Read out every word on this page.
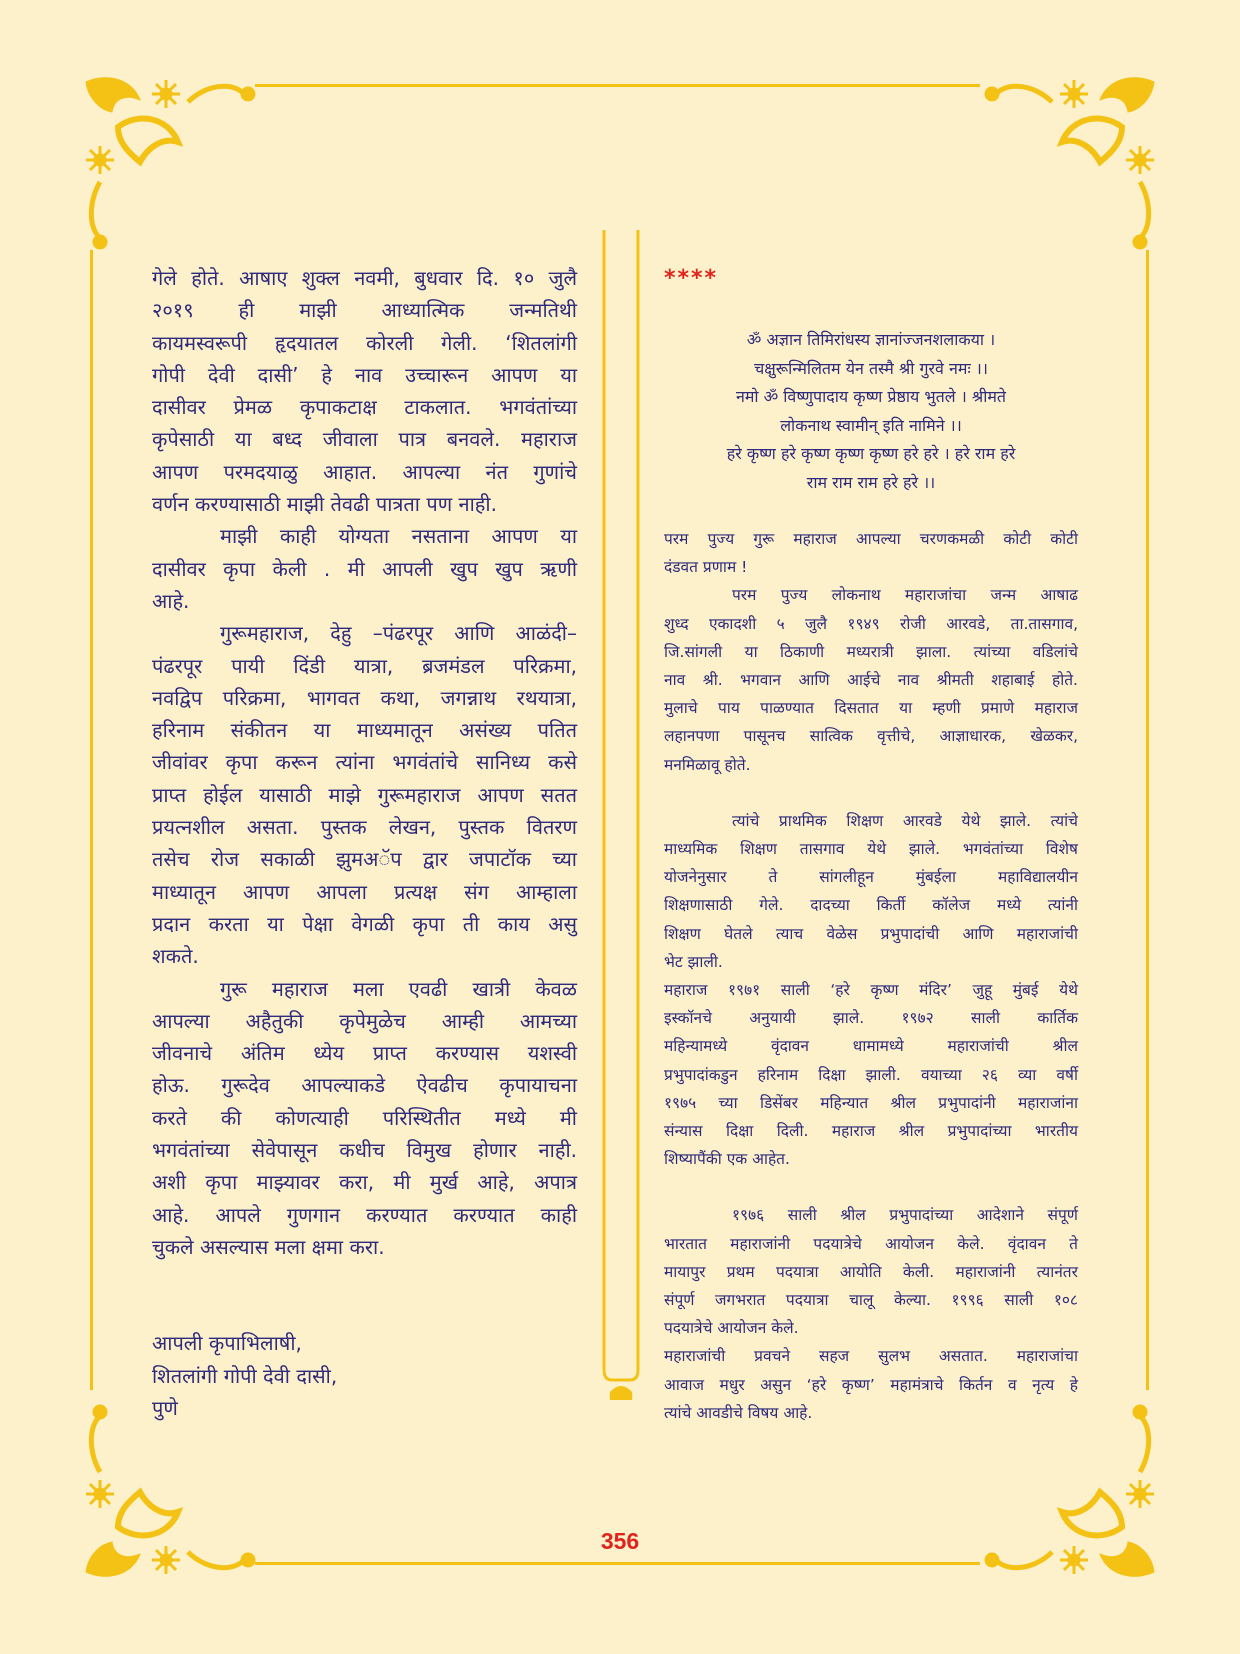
गेले होते. आषाए शुक्ल नवमी, बुधवार दि. १० जुलै
२०१९ ही माझी आध्यात्मिक जन्मतिथी
कायमस्वरूपी हृदयातल कोरली गेली. ‘शितलांगी
गोपी देवी दासी’ हे नाव उच्चारून आपण या
दासीवर प्रेमळ कृपाकटाक्ष टाकलात. भगवंतांच्या
कृपेसाठी या बध्द जीवाला पात्र बनवले. महाराज
आपण परमदयाळु आहात. आपल्या नंत गुणांचे
वर्णन करण्यासाठी माझी तेवढी पात्रता पण नाही.
माझी काही योग्यता नसताना आपण या
दासीवर कृपा केली . मी आपली खुप खुप ऋणी
आहे.
गुरूमहाराज, देहु –पंढरपूर आणि आळंदी–
पंढरपूर पायी दिंडी यात्रा, ब्रजमंडल परिक्रमा,
नवद्विप परिक्रमा, भागवत कथा, जगन्नाथ रथयात्रा,
हरिनाम संकीतन या माध्यमातून असंख्य पतित
जीवांवर कृपा करून त्यांना भगवंतांचे सानिध्य कसे
प्राप्त होईल यासाठी माझे गुरूमहाराज आपण सतत
प्रयत्नशील असता. पुस्तक लेखन, पुस्तक वितरण
तसेच रोज सकाळी झुमअॅप द्वार जपाटॉक च्या
माध्यातून आपण आपला प्रत्यक्ष संग आम्हाला
प्रदान करता या पेक्षा वेगळी कृपा ती काय असु
शकते.
गुरू महाराज मला एवढी खात्री केवळ
आपल्या अहैतुकी कृपेमुळेच आम्ही आमच्या
जीवनाचे अंतिम ध्येय प्राप्त करण्यास यशस्वी
होऊ. गुरूदेव आपल्याकडे ऐवढीच कृपायाचना
करते की कोणत्याही परिस्थितीत मध्ये मी
भगवंतांच्या सेवेपासून कधीच विमुख होणार नाही.
अशी कृपा माझ्यावर करा, मी मुर्ख आहे, अपात्र
आहे. आपले गुणगान करण्यात करण्यात काही
चुकले असल्यास मला क्षमा करा.
आपली कृपाभिलाषी,
शितलांगी गोपी देवी दासी,
पुणे
****
ॐ अज्ञान तिमिरांधस्य ज्ञानांज्जनशलाकया ।
चक्षुरून्मिलितम येन तस्मै श्री गुरवे नमः ।।
नमो ॐ विष्णुपादाय कृष्ण प्रेष्ठाय भुतले । श्रीमते
लोकनाथ स्वामीन् इति नामिने ।।
हरे कृष्ण हरे कृष्ण कृष्ण कृष्ण हरे हरे । हरे राम हरे
राम राम राम हरे हरे ।।
परम पुज्य गुरू महाराज आपल्या चरणकमळी कोटी कोटी
दंडवत प्रणाम !
परम पुज्य लोकनाथ महाराजांचा जन्म आषाढ
शुध्द एकादशी ५ जुलै १९४९ रोजी आरवडे, ता.तासगाव,
जि.सांगली या ठिकाणी मध्यरात्री झाला. त्यांच्या वडिलांचे
नाव श्री. भगवान आणि आईचे नाव श्रीमती शहाबाई होते.
मुलाचे पाय पाळण्यात दिसतात या म्हणी प्रमाणे महाराज
लहानपणा पासूनच सात्विक वृत्तीचे, आज्ञाधारक, खेळकर,
मनमिळावू होते.
त्यांचे प्राथमिक शिक्षण आरवडे येथे झाले. त्यांचे
माध्यमिक शिक्षण तासगाव येथे झाले. भगवंतांच्या विशेष
योजनेनुसार ते सांगलीहून मुंबईला महाविद्यालयीन
शिक्षणासाठी गेले. दादच्या किर्ती कॉलेज मध्ये त्यांनी
शिक्षण घेतले त्याच वेळेस प्रभुपादांची आणि महाराजांची
भेट झाली.
महाराज १९७१ साली ‘हरे कृष्ण मंदिर’ जुहू मुंबई येथे
इस्कॉनचे अनुयायी झाले. १९७२ साली कार्तिक
महिन्यामध्ये वृंदावन धामामध्ये महाराजांची श्रील
प्रभुपादांकडुन हरिनाम दिक्षा झाली. वयाच्या २६ व्या वर्षी
१९७५ च्या डिसेंबर महिन्यात श्रील प्रभुपादांनी महाराजांना
संन्यास दिक्षा दिली. महाराज श्रील प्रभुपादांच्या भारतीय
शिष्यापैंकी एक आहेत.
१९७६ साली श्रील प्रभुपादांच्या आदेशाने संपूर्ण
भारतात महाराजांनी पदयात्रेचे आयोजन केले. वृंदावन ते
मायापुर प्रथम पदयात्रा आयोति केली. महाराजांनी त्यानंतर
संपूर्ण जगभरात पदयात्रा चालू केल्या. १९९६ साली १०८
पदयात्रेचे आयोजन केले.
महाराजांची प्रवचने सहज सुलभ असतात. महाराजांचा
आवाज मधुर असुन ‘हरे कृष्ण’ महामंत्राचे किर्तन व नृत्य हे
त्यांचे आवडीचे विषय आहे.
356
